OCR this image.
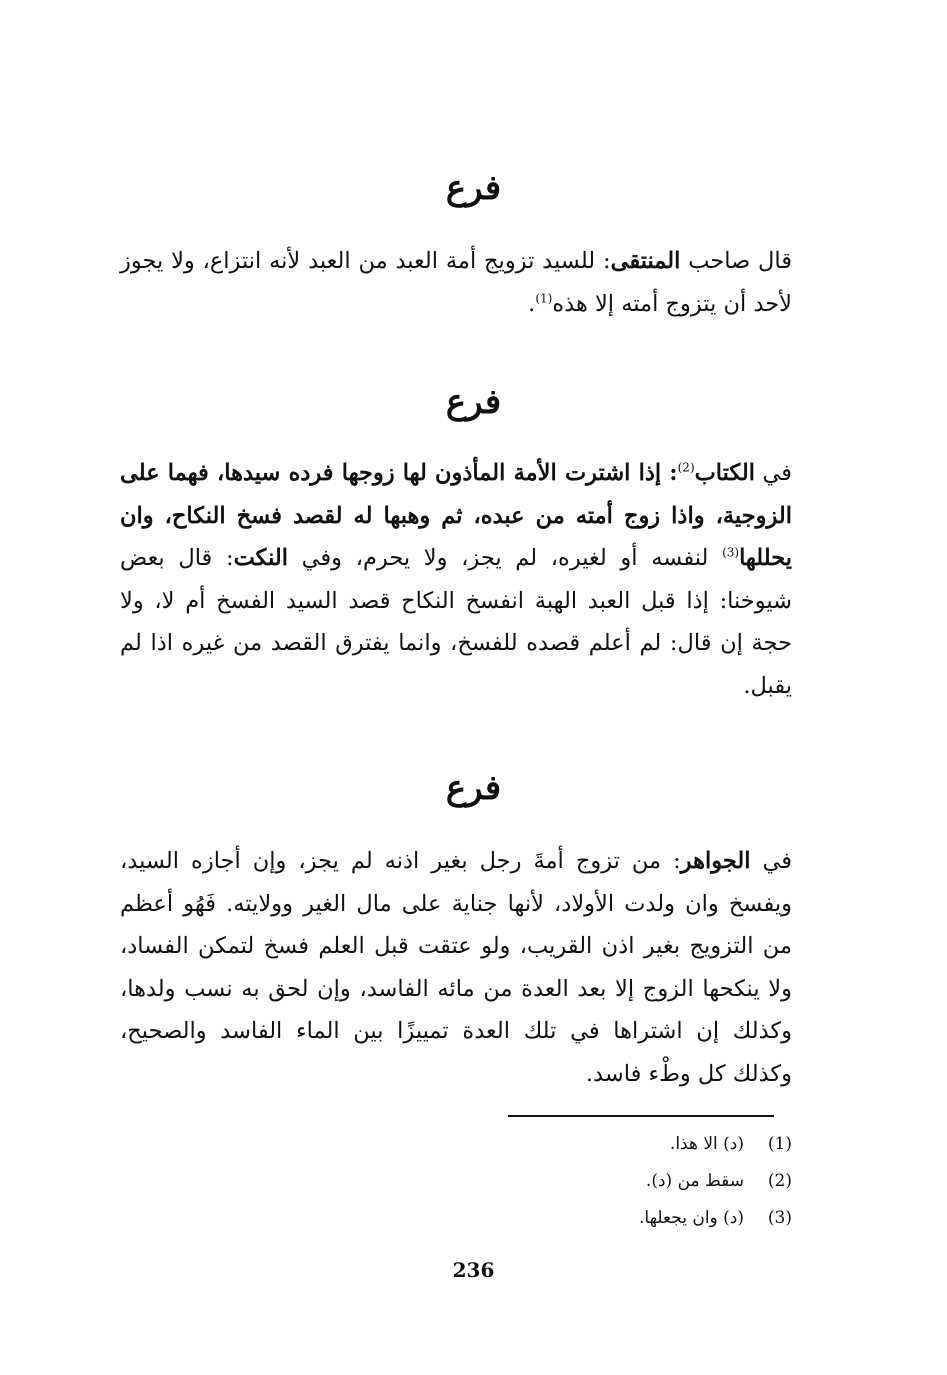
فرع

قال صاحب المنتقى: للسيد تزويج أمة العبد من العبد لأنه انتزاع، ولا يجوز لأحد أن يتزوج أمته إلا هذه$^{(1)}$.

فرع

في الكتاب$^{(2)}$: إذا اشترت الأمة المأذون لها زوجها فرده سيدها، فهما على الزوجية، واذا زوج أمته من عبده، ثم وهبها له لقصد فسخ النكاح، وان يحللها$^{(3)}$ لنفسه أو لغيره، لم يجز، ولا يحرم، وفي النكت: قال بعض شيوخنا: إذا قبل العبد الهبة انفسخ النكاح قصد السيد الفسخ أم لا، ولا حجة إن قال: لم أعلم قصده للفسخ، وانما يفترق القصد من غيره اذا لم يقبل.

فرع

في الجواهر: من تزوج أمةَ رجل بغير اذنه لم يجز، وإن أجازه السيد، ويفسخ وان ولدت الأولاد، لأنها جناية على مال الغير وولايته. فَهُو أعظم من التزويج بغير اذن القريب، ولو عتقت قبل العلم فسخ لتمكن الفساد، ولا ينكحها الزوج إلا بعد العدة من مائه الفاسد، وإن لحق به نسب ولدها، وكذلك إن اشتراها في تلك العدة تمييزًا بين الماء الفاسد والصحيح، وكذلك كل وطْء فاسد.

(1)(د) الا هذا.
(2)سقط من (د).
(3)(د) وان يجعلها.
236
